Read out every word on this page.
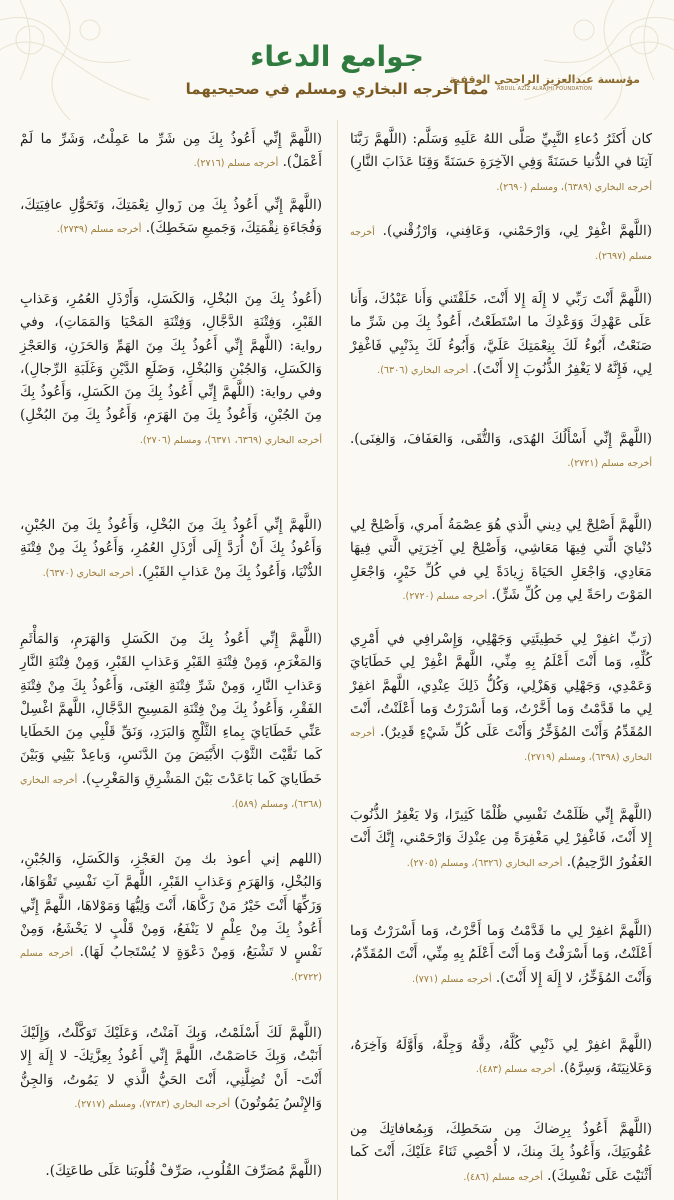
جوامع الدعاء
مما أخرجه البخاري ومسلم في صحيحيهما
مؤسسة عبدالعزيز الراجحي الوقفية
ABDUL AZIZ ALRAJHI FOUNDATION
كان أَكثَرُ دُعاءِ النَّبِيِّ صَلَّى اللهُ عَلَيهِ وَسَلَّم: (اللَّهمَّ رَبَّنَا آتِنَا في الدُّنيا حَسَنَةً وَفِي الآخِرَةِ حَسَنَةً وَقِنَا عَذَابَ النَّارِ) أخرجه البخاري (٦٣٨٩)، ومسلم (٢٦٩٠).
(اللَّهمَّ اغْفِرْ لِي، وَارْحَمْني، وَعَافِني، وَارْزُقْني). أخرجه مسلم (٢٦٩٧).
(اللَّهمَّ أَنْتَ رَبِّي لا إِلَهَ إِلا أَنْتَ، خَلَقْتَني وَأَنا عَبْدُكَ، وَأَنا عَلَى عَهْدِكَ وَوَعْدِكَ ما اسْتَطَعْتُ، أَعُوذُ بِكَ مِن شَرِّ ما صَنَعْتُ، أَبُوءُ لَكَ بِنِعْمَتِكَ عَلَيَّ، وَأَبُوءُ لَكَ بِذَنْبِي فَاغْفِرْ لِي، فَإِنَّهُ لا يَغْفِرُ الذُّنُوبَ إِلا أَنْتَ). أخرجه البخاري (٦٣٠٦).
(اللَّهمَّ إِنِّي أَسْأَلُكَ الهُدَى، وَالتُّقَى، وَالعَفَافَ، وَالغِنَى). أخرجه مسلم (٢٧٢١).
(اللَّهمَّ أَصْلِحْ لِي دِيني الَّذي هُوَ عِصْمَةُ أَمري، وَأَصْلِحْ لِي دُنْيايَ الَّتي فِيهَا مَعَاشِي، وَأَصْلِحْ لِي آخِرَتِي الَّتي فِيهَا مَعَادِي، وَاجْعَلِ الحَيَاةَ زِيادَةً لِي في كُلِّ خَيْرٍ، وَاجْعَلِ المَوْتَ راحَةً لِي مِن كُلِّ شَرٍّ). أخرجه مسلم (٢٧٢٠).
(رَبِّ اغفِرْ لِي خَطِيئَتِي وَجَهْلِي، وَإِسْرافِي في أَمْرِي كُلِّهِ، وَما أَنْتَ أَعْلَمُ بِهِ مِنِّي، اللَّهمَّ اغْفِرْ لِي خَطَايَايَ وَعَمْدِي، وَجَهْلِي وَهَزْلِي، وَكُلُّ ذَلِكَ عِنْدِي، اللَّهمَّ اغفِرْ لِي ما قَدَّمْتُ وَما أَخَّرْتُ، وَما أَسْرَرْتُ وَما أَعْلَنْتُ، أَنْتَ المُقَدِّمُ وَأَنْتَ المُؤَخِّرُ وَأَنْتَ عَلَى كُلِّ شَيْءٍ قَدِيرٌ). أخرجه البخاري (٦٣٩٨)، ومسلم (٢٧١٩).
(اللَّهمَّ إِنِّي ظَلَمْتُ نَفْسِي ظُلْمًا كَثِيرًا، وَلا يَغْفِرُ الذُّنُوبَ إِلا أَنْتَ، فَاغْفِرْ لِي مَغْفِرَةً مِن عِنْدِكَ وَارْحَمْني، إِنَّكَ أَنْتَ الغَفُورُ الرَّحِيمُ). أخرجه البخاري (٦٣٢٦)، ومسلم (٢٧٠٥).
(اللَّهمَّ اغفِرْ لِي ما قَدَّمْتُ وَما أَخَّرْتُ، وَما أَسْرَرْتُ وَما أَعْلَنْتُ، وَما أَسْرَفْتُ وَما أَنْتَ أَعْلَمُ بِهِ مِنِّي، أَنْتَ المُقَدِّمُ، وَأَنْتَ المُؤَخِّرُ، لا إِلَهَ إِلا أَنْتَ). أخرجه مسلم (٧٧١).
(اللَّهمَّ اغفِرْ لِي ذَنْبِي كُلَّهُ، دِقَّهُ وَجِلَّهُ، وَأَوَّلَهُ وَآخِرَهُ، وَعَلانِيَتَهُ، وَسِرَّهُ). أخرجه مسلم (٤٨٣).
(اللَّهمَّ أَعُوذُ بِرِضاكَ مِن سَخَطِكَ، وَبِمُعافاتِكَ مِن عُقُوبَتِكَ، وَأَعُوذُ بِكَ مِنكَ، لا أُحْصِي ثَنَاءً عَلَيْكَ، أَنْتَ كَما أَثْنَيْتَ عَلَى نَفْسِكَ). أخرجه مسلم (٤٨٦).
(اللَّهمَّ إِنِّي أَعُوذُ بِكَ مِن شَرِّ ما عَمِلْتُ، وَشَرِّ ما لَمْ أَعْمَلْ). أخرجه مسلم (٢٧١٦).
(اللَّهمَّ إِنِّي أَعُوذُ بِكَ مِن زَوالِ نِعْمَتِكَ، وَتَحَوُّلِ عافِيَتِكَ، وَفُجَاءَةِ نِقْمَتِكَ، وَجَميعِ سَخَطِكَ). أخرجه مسلم (٢٧٣٩).
(أَعُوذُ بِكَ مِنَ البُخْلِ، وَالكَسَلِ، وَأَرْذَلِ العُمُرِ، وَعَذابِ القَبْرِ، وَفِتْنَةِ الدَّجَّالِ، وَفِتْنَةِ المَحْيَا وَالمَمَاتِ)، وفي رواية: (اللَّهمَّ إِنِّي أَعُوذُ بِكَ مِنَ الهَمِّ وَالحَزَنِ، وَالعَجْزِ وَالكَسَلِ، وَالجُبْنِ وَالبُخْلِ، وَضَلَعِ الدَّيْنِ وَغَلَبَةِ الرِّجالِ)، وفي رواية: (اللَّهمَّ إِنِّي أَعُوذُ بِكَ مِنَ الكَسَلِ، وَأَعُوذُ بِكَ مِنَ الجُبْنِ، وَأَعُوذُ بِكَ مِنَ الهَرَمِ، وَأَعُوذُ بِكَ مِنَ البُخْلِ) أخرجه البخاري (٦٣٦٩، ٦٣٧١)، ومسلم (٢٧٠٦).
(اللَّهمَّ إِنِّي أَعُوذُ بِكَ مِنَ البُخْلِ، وَأَعُوذُ بِكَ مِنَ الجُبْنِ، وَأَعُوذُ بِكَ أَنْ أُرَدَّ إِلَى أَرْذَلِ العُمُرِ، وَأَعُوذُ بِكَ مِنْ فِتْنَةِ الدُّنْيَا، وَأَعُوذُ بِكَ مِنْ عَذابِ القَبْرِ). أخرجه البخاري (٦٣٧٠).
(اللَّهمَّ إِنِّي أَعُوذُ بِكَ مِنَ الكَسَلِ وَالهَرَمِ، وَالمَأْثَمِ وَالمَغْرَمِ، وَمِنْ فِتْنَةِ القَبْرِ وَعَذابِ القَبْرِ، وَمِنْ فِتْنَةِ النَّارِ وَعَذابِ النَّارِ، وَمِنْ شَرِّ فِتْنَةِ الغِنَى، وَأَعُوذُ بِكَ مِنْ فِتْنَةِ الفَقْرِ، وَأَعُوذُ بِكَ مِنْ فِتْنَةِ المَسِيحِ الدَّجَّالِ، اللَّهمَّ اغْسِلْ عَنِّي خَطَايَايَ بِماءِ الثَّلْجِ وَالبَرَدِ، وَنَقِّ قَلْبِي مِنَ الخَطَايا كَما نَقَّيْتَ الثَّوْبَ الأَبْيَضَ مِنَ الدَّنَسِ، وَباعِدْ بَيْنِي وَبَيْنَ خَطَايايَ كَما بَاعَدْتَ بَيْنَ المَشْرِقِ وَالمَغْرِبِ). أخرجه البخاري (٦٣٦٨)، ومسلم (٥٨٩).
(اللهم إني أعوذ بك مِنَ العَجْزِ، وَالكَسَلِ، وَالجُبْنِ، وَالبُخْلِ، وَالهَرَمِ وَعَذابِ القَبْرِ، اللَّهمَّ آتِ نَفْسِي تَقْوَاهَا، وَزَكِّهَا أَنْتَ خَيْرُ مَنْ زَكَّاهَا، أَنْتَ وَلِيُّهَا وَمَوْلاهَا، اللَّهمَّ إِنِّي أَعُوذُ بِكَ مِنْ عِلْمٍ لا يَنْفَعُ، وَمِنْ قَلْبٍ لا يَخْشَعُ، وَمِنْ نَفْسٍ لا تَشْبَعُ، وَمِنْ دَعْوَةٍ لا يُسْتَجابُ لَهَا). أخرجه مسلم (٢٧٢٢).
(اللَّهمَّ لَكَ أَسْلَمْتُ، وَبِكَ آمَنْتُ، وَعَلَيْكَ تَوَكَّلْتُ، وَإِلَيْكَ أَنَبْتُ، وَبِكَ خَاصَمْتُ، اللَّهمَّ إِنِّي أَعُوذُ بِعِزَّتِكَ- لا إِلَهَ إِلا أَنْتَ- أَنْ تُضِلَّنِي، أَنْتَ الحَيُّ الَّذي لا يَمُوتُ، وَالجِنُّ وَالإِنْسُ يَمُوتُونَ) أخرجه البخاري (٧٣٨٣)، ومسلم (٢٧١٧).
(اللَّهمَّ مُصَرِّفَ القُلُوبِ، صَرِّفْ قُلُوبَنا عَلَى طاعَتِكَ).
